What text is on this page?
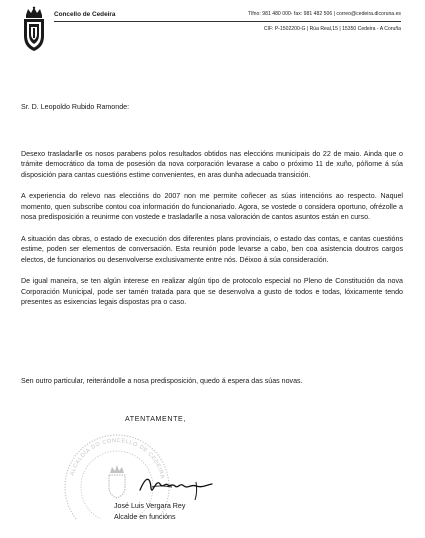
Concello de Cedeira	Tlfno: 981 480 000- fax: 981 482 506 | correo@cedeira.dicoruna.es
CIF: P-1502200-G | Rúa Real,15 | 15350 Cedeira - A Coruña
Sr. D. Leopoldo Rubido Ramonde:

Desexo trasladarlle os nosos parabens polos resultados obtidos nas eleccións municipais do 22 de maio. Ainda que o trámite democrático da toma de posesión da nova corporación levarase a cabo o próximo 11 de xuño, póñome á súa disposición para cantas cuestións estime convenientes, en aras dunha adecuada transición.

A experiencia do relevo nas eleccións do 2007 non me permite coñecer as súas intencións ao respecto. Naquel momento, quen subscribe contou coa información do funcionariado. Agora, se vostede o considera oportuno, ofrézolle a nosa predisposición a reunirme con vostede e trasladarlle a nosa valoración de cantos asuntos están en curso.

A situación das obras, o estado de execución dos diferentes plans provinciais, o estado das contas, e cantas cuestións estime, poden ser elementos de conversación. Esta reunión pode levarse a cabo, ben coa asistencia doutros cargos electos, de funcionarios ou desenvolverse exclusivamente entre nós. Déixoo á súa consideración.

De igual maneira, se ten algún interese en realizar algún tipo de protocolo especial no Pleno de Constitución da nova Corporación Municipal, pode ser tamén tratada para que se desenvolva a gusto de todos e todas, lóxicamente tendo presentes as esixencias legais dispostas pra o caso.

Sen outro particular, reiterándolle a nosa predisposición, quedo á espera das súas novas.
ATENTAMENTE,
ALCALDÍA DO CONCELLO DE CEDEIRA
José Luis Vergara Rey
Alcalde en funcións
